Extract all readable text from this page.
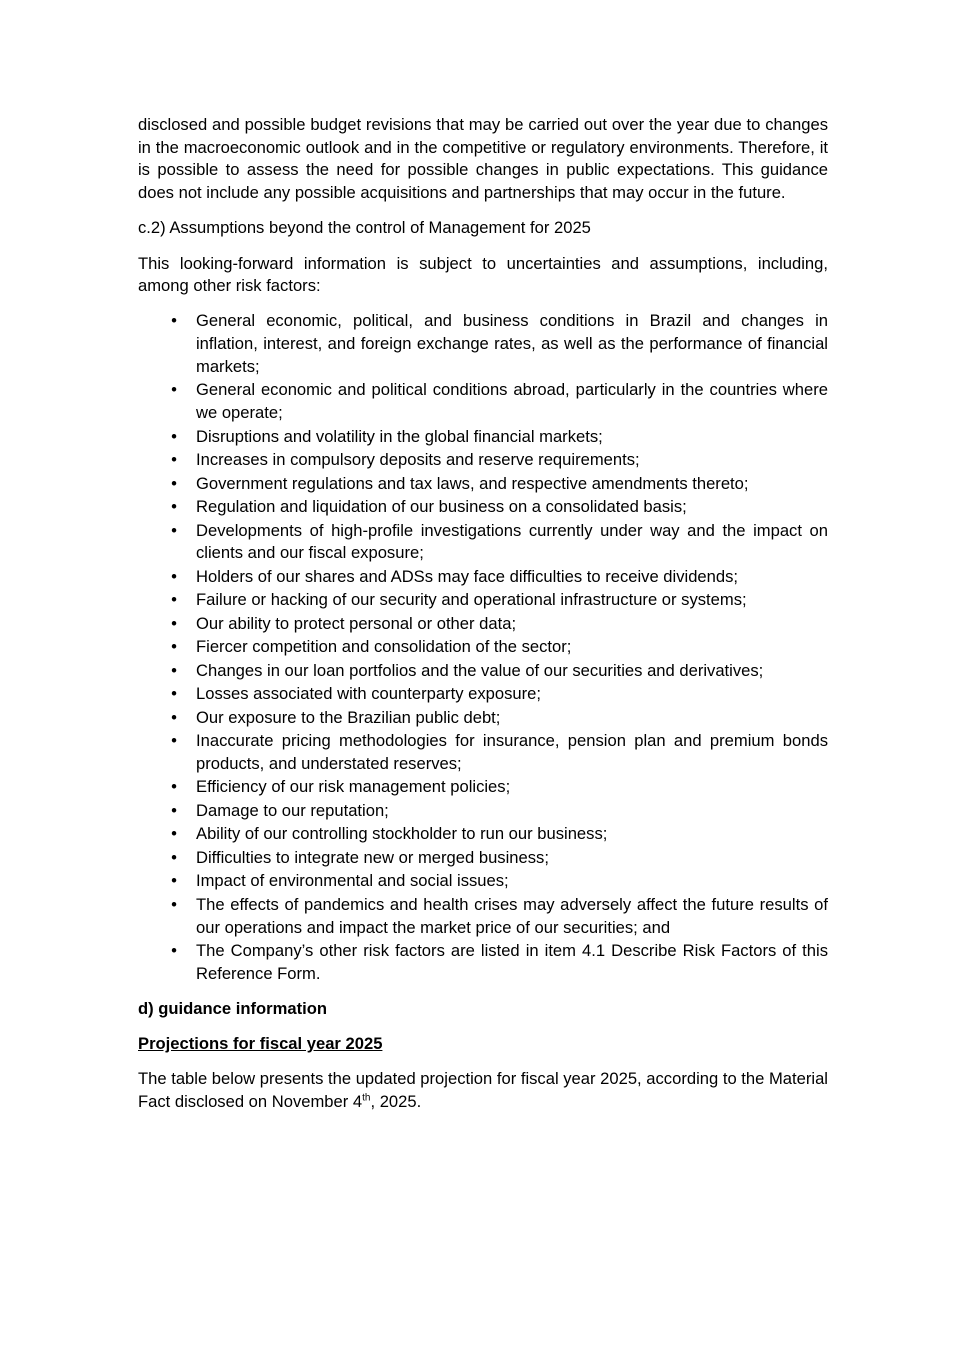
disclosed and possible budget revisions that may be carried out over the year due to changes in the macroeconomic outlook and in the competitive or regulatory environments. Therefore, it is possible to assess the need for possible changes in public expectations. This guidance does not include any possible acquisitions and partnerships that may occur in the future.

c.2) Assumptions beyond the control of Management for 2025

This looking-forward information is subject to uncertainties and assumptions, including, among other risk factors:

• General economic, political, and business conditions in Brazil and changes in inflation, interest, and foreign exchange rates, as well as the performance of financial markets;
• General economic and political conditions abroad, particularly in the countries where we operate;
• Disruptions and volatility in the global financial markets;
• Increases in compulsory deposits and reserve requirements;
• Government regulations and tax laws, and respective amendments thereto;
• Regulation and liquidation of our business on a consolidated basis;
• Developments of high-profile investigations currently under way and the impact on clients and our fiscal exposure;
• Holders of our shares and ADSs may face difficulties to receive dividends;
• Failure or hacking of our security and operational infrastructure or systems;
• Our ability to protect personal or other data;
• Fiercer competition and consolidation of the sector;
• Changes in our loan portfolios and the value of our securities and derivatives;
• Losses associated with counterparty exposure;
• Our exposure to the Brazilian public debt;
• Inaccurate pricing methodologies for insurance, pension plan and premium bonds products, and understated reserves;
• Efficiency of our risk management policies;
• Damage to our reputation;
• Ability of our controlling stockholder to run our business;
• Difficulties to integrate new or merged business;
• Impact of environmental and social issues;
• The effects of pandemics and health crises may adversely affect the future results of our operations and impact the market price of our securities; and
• The Company’s other risk factors are listed in item 4.1 Describe Risk Factors of this Reference Form.

d) guidance information

Projections for fiscal year 2025

The table below presents the updated projection for fiscal year 2025, according to the Material Fact disclosed on November 4th, 2025.
